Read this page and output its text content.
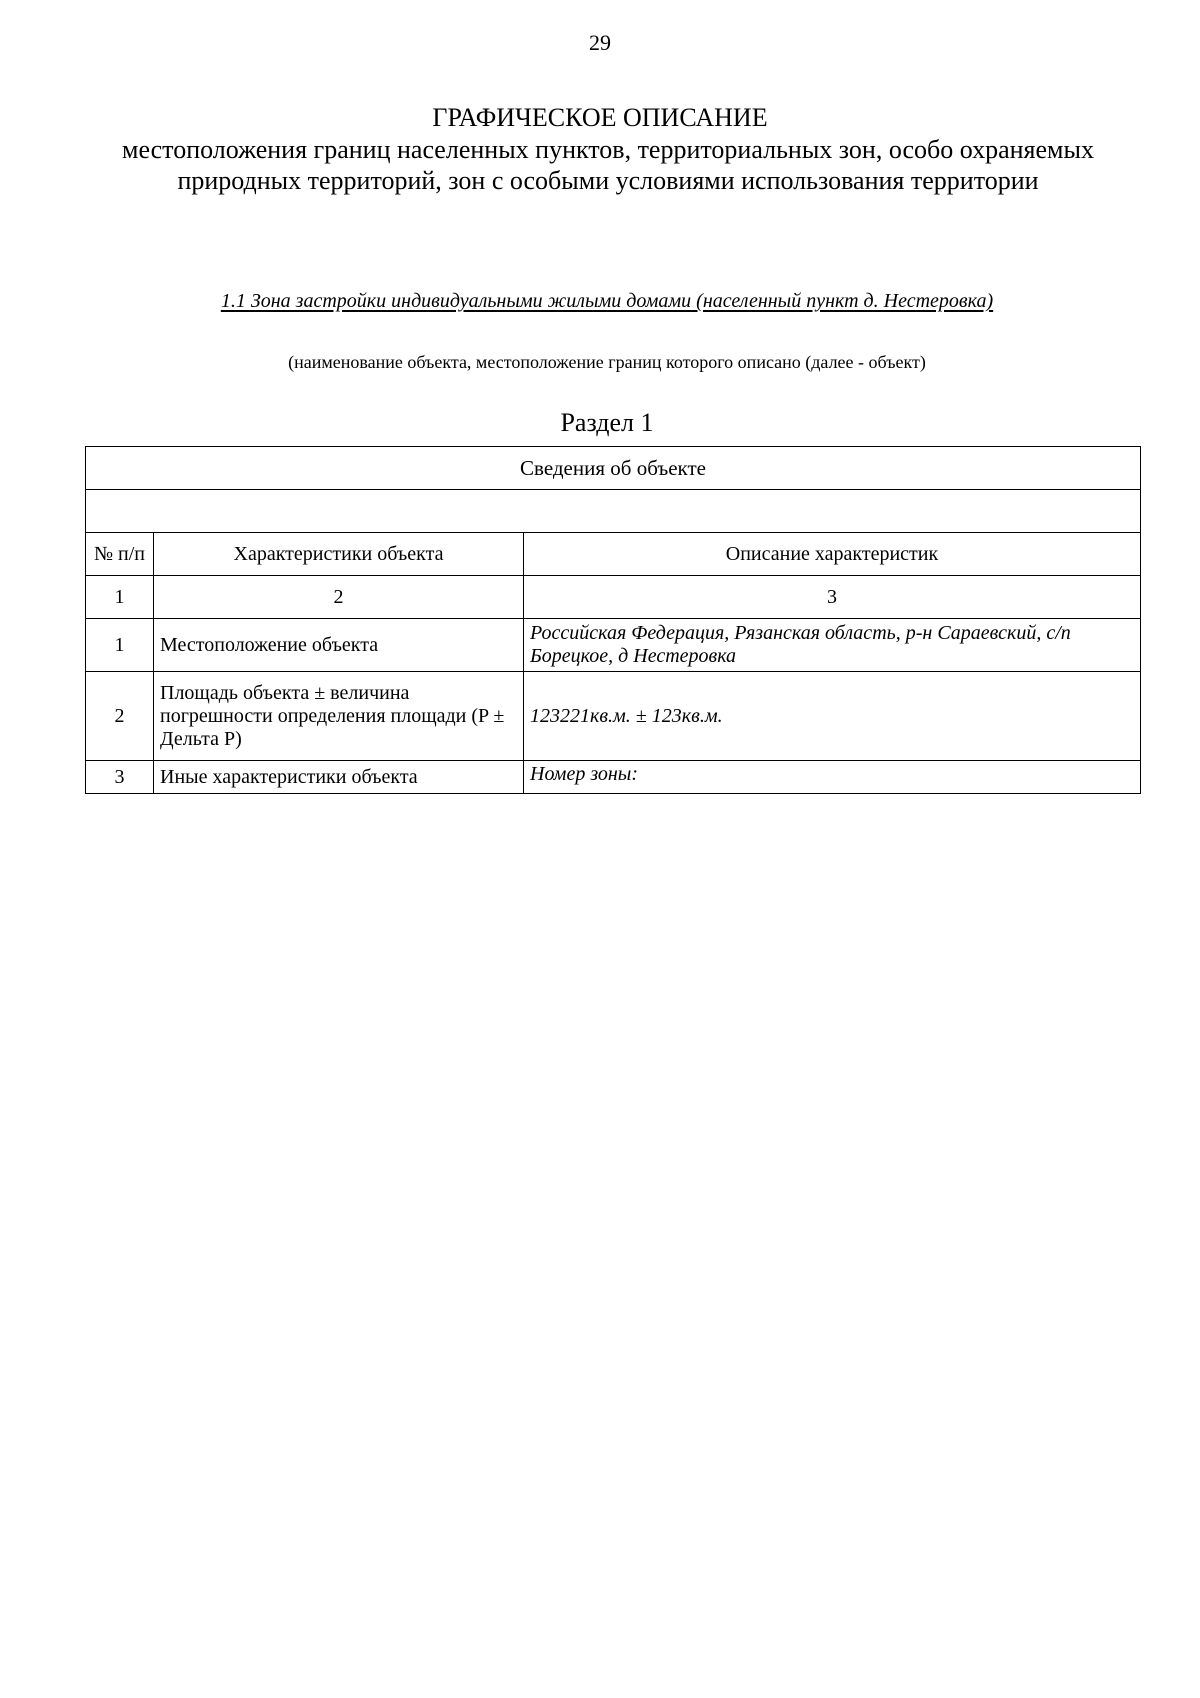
29
ГРАФИЧЕСКОЕ ОПИСАНИЕ
местоположения границ населенных пунктов, территориальных зон, особо охраняемых природных территорий, зон с особыми условиями использования территории
1.1 Зона застройки индивидуальными жилыми домами (населенный пункт д. Нестеровка)
(наименование объекта, местоположение границ которого описано (далее - объект)
Раздел 1
Сведения об объекте		

№ п/п	Характеристики объекта	Описание характеристик
1	2	3
1	Местоположение объекта	Российская Федерация, Рязанская область, р-н Сараевский, с/п Борецкое, д Нестеровка
2	Площадь объекта ± величина погрешности определения площади (P ± Дельта P)	123221кв.м. ± 123кв.м.
3	Иные характеристики объекта	Номер зоны:
